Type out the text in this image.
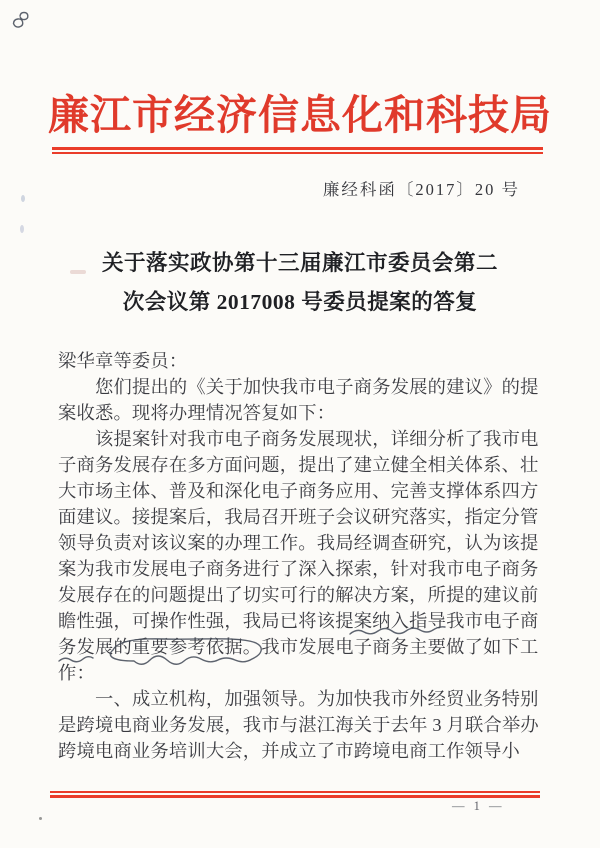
廉江市经济信息化和科技局
廉经科函〔2017〕20 号
关于落实政协第十三届廉江市委员会第二
次会议第 2017008 号委员提案的答复
梁华章等委员：
您们提出的《关于加快我市电子商务发展的建议》的提
案收悉。现将办理情况答复如下：
该提案针对我市电子商务发展现状，详细分析了我市电
子商务发展存在多方面问题，提出了建立健全相关体系、壮
大市场主体、普及和深化电子商务应用、完善支撑体系四方
面建议。接提案后，我局召开班子会议研究落实，指定分管
领导负责对该议案的办理工作。我局经调查研究，认为该提
案为我市发展电子商务进行了深入探索，针对我市电子商务
发展存在的问题提出了切实可行的解决方案，所提的建议前
瞻性强，可操作性强，我局已将该提案纳入指导我市电子商
务发展的重要参考依据。我市发展电子商务主要做了如下工
作：
一、成立机构，加强领导。为加快我市外经贸业务特别
是跨境电商业务发展，我市与湛江海关于去年 3 月联合举办
跨境电商业务培训大会，并成立了市跨境电商工作领导小
— 1 —
